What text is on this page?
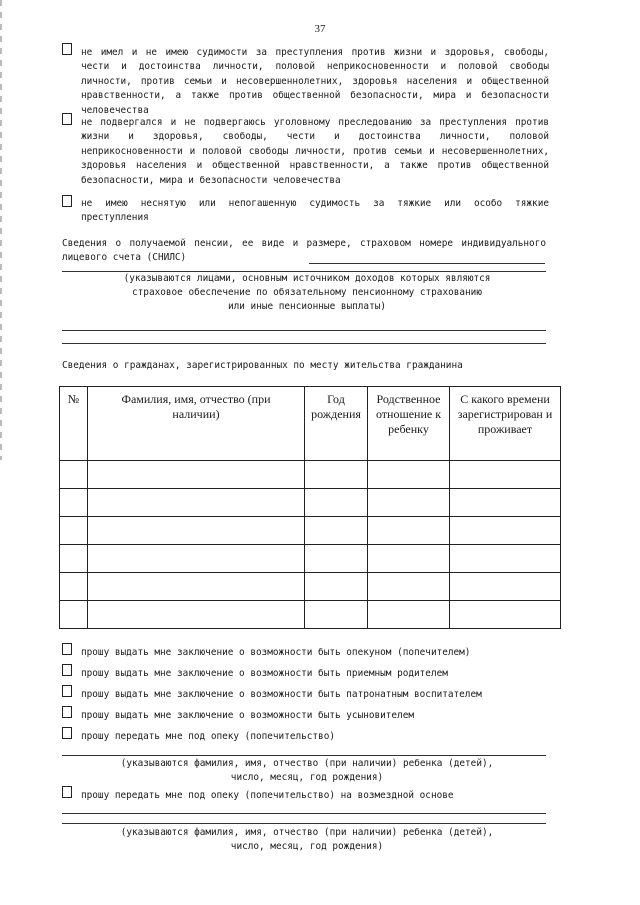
37

не имел и не имею судимости за преступления против жизни и здоровья, свободы, чести и достоинства личности, половой неприкосновенности и половой свободы личности, против семьи и несовершеннолетних, здоровья населения и общественной нравственности, а также против общественной безопасности, мира и безопасности человечества

не подвергался и не подвергаюсь уголовному преследованию за преступления против жизни и здоровья, свободы, чести и достоинства личности, половой неприкосновенности и половой свободы личности, против семьи и несовершеннолетних, здоровья населения и общественной нравственности, а также против общественной безопасности, мира и безопасности человечества

не имею неснятую или непогашенную судимость за тяжкие или особо тяжкие преступления

Сведения о получаемой пенсии, ее виде и размере, страховом номере индивидуального лицевого счета (СНИЛС)

(указываются лицами, основным источником доходов которых являются
страховое обеспечение по обязательному пенсионному страхованию
или иные пенсионные выплаты)
Сведения о гражданах, зарегистрированных по месту жительства гражданина
№	Фамилия, имя, отчество (при наличии)	Год рождения	Родственное отношение к ребенку	С какого времени зарегистрирован и проживает

прошу выдать мне заключение о возможности быть опекуном (попечителем)
прошу выдать мне заключение о возможности быть приемным родителем
прошу выдать мне заключение о возможности быть патронатным воспитателем
прошу выдать мне заключение о возможности быть усыновителем
прошу передать мне под опеку (попечительство)
(указываются фамилия, имя, отчество (при наличии) ребенка (детей),
число, месяц, год рождения)
прошу передать мне под опеку (попечительство) на возмездной основе
(указываются фамилия, имя, отчество (при наличии) ребенка (детей),
число, месяц, год рождения)
